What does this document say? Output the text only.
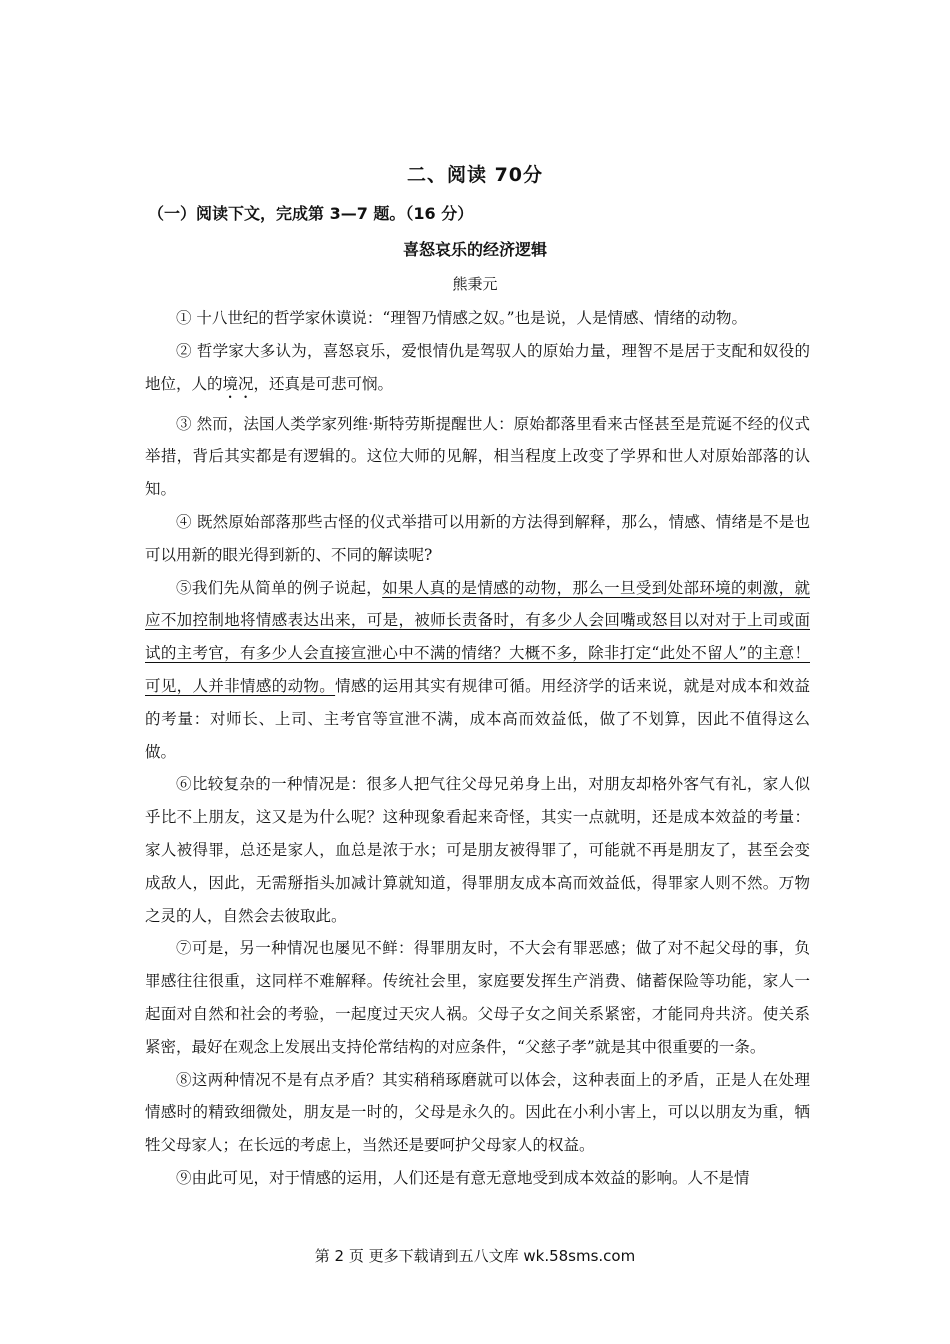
二、阅读 70分
（一）阅读下文，完成第 3—7 题。（16 分）
喜怒哀乐的经济逻辑
熊秉元

① 十八世纪的哲学家休谟说：“理智乃情感之奴。”也是说，人是情感、情绪的动物。

② 哲学家大多认为，喜怒哀乐，爱恨情仇是驾驭人的原始力量，理智不是居于支配和奴役的地位，人的境况，还真是可悲可悯。

③ 然而，法国人类学家列维·斯特劳斯提醒世人：原始都落里看来古怪甚至是荒诞不经的仪式举措，背后其实都是有逻辑的。这位大师的见解，相当程度上改变了学界和世人对原始部落的认知。

④ 既然原始部落那些古怪的仪式举措可以用新的方法得到解释，那么，情感、情绪是不是也可以用新的眼光得到新的、不同的解读呢?

⑤我们先从简单的例子说起，如果人真的是情感的动物，那么一旦受到处部环境的刺激，就应不加控制地将情感表达出来，可是，被师长责备时，有多少人会回嘴或怒目以对对于上司或面试的主考官，有多少人会直接宣泄心中不满的情绪？大概不多，除非打定“此处不留人”的主意！可见，人并非情感的动物。情感的运用其实有规律可循。用经济学的话来说，就是对成本和效益的考量：对师长、上司、主考官等宣泄不满，成本高而效益低，做了不划算，因此不值得这么做。

⑥比较复杂的一种情况是：很多人把气往父母兄弟身上出，对朋友却格外客气有礼，家人似乎比不上朋友，这又是为什么呢？这种现象看起来奇怪，其实一点就明，还是成本效益的考量：家人被得罪，总还是家人，血总是浓于水；可是朋友被得罪了，可能就不再是朋友了，甚至会变成敌人，因此，无需掰指头加减计算就知道，得罪朋友成本高而效益低，得罪家人则不然。万物之灵的人，自然会去彼取此。

⑦可是，另一种情况也屡见不鲜：得罪朋友时，不大会有罪恶感；做了对不起父母的事，负罪感往往很重，这同样不难解释。传统社会里，家庭要发挥生产消费、储蓄保险等功能，家人一起面对自然和社会的考验，一起度过天灾人祸。父母子女之间关系紧密，才能同舟共济。使关系紧密，最好在观念上发展出支持伦常结构的对应条件，“父慈子孝”就是其中很重要的一条。

⑧这两种情况不是有点矛盾？其实稍稍琢磨就可以体会，这种表面上的矛盾，正是人在处理情感时的精致细微处，朋友是一时的，父母是永久的。因此在小利小害上，可以以朋友为重，牺牲父母家人；在长远的考虑上，当然还是要呵护父母家人的权益。

⑨由此可见，对于情感的运用，人们还是有意无意地受到成本效益的影响。人不是情

第 2 页 更多下载请到五八文库 wk.58sms.com
